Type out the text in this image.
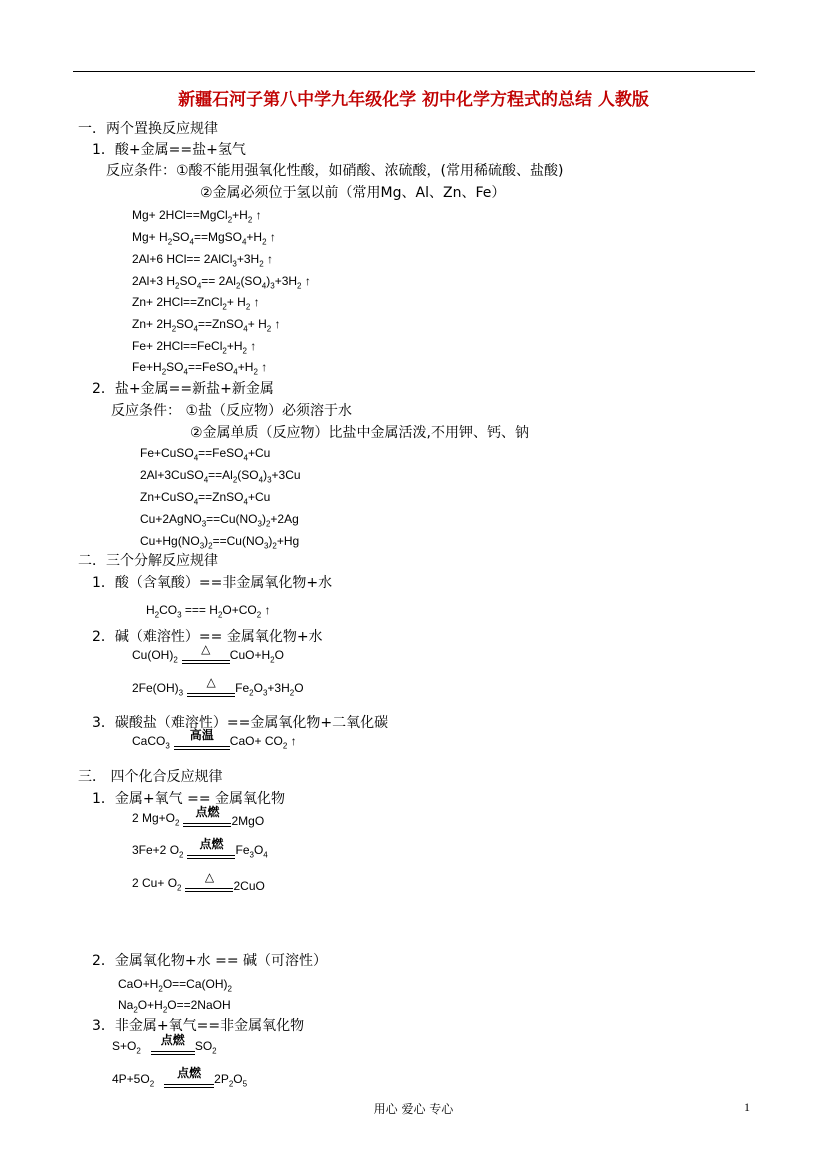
新疆石河子第八中学九年级化学 初中化学方程式的总结 人教版
一．两个置换反应规律
1．酸+金属==盐+氢气
反应条件：①酸不能用强氧化性酸，如硝酸、浓硫酸，(常用稀硫酸、盐酸)
②金属必须位于氢以前（常用Mg、Al、Zn、Fe）
$Mg+ 2HCl==MgCl_2+H_2$ ↑
$Mg+ H_2SO_4==MgSO_4+H_2$ ↑
2Al+6 $HCl== 2AlCl_3+3H_2$ ↑
2Al+3 $H_2SO_4== 2Al_2(SO_4)_3+3H_2$ ↑
Zn+ 2HCl==ZnCl$_2$+ $H_2$ ↑
$Zn+ 2H_2SO_4==ZnSO_4+ H_2$ ↑
$Fe+ 2HCl==FeCl_2+H_2$ ↑
$Fe+H_2SO_4==FeSO_4+H_2$ ↑
2．盐+金属==新盐+新金属
反应条件： ①盐（反应物）必须溶于水
②金属单质（反应物）比盐中金属活泼,不用钾、钙、钠
Fe+CuSO$_4$==FeSO$_4$+Cu
$2Al+3CuSO_4==Al_2(SO_4)_3+3Cu$
Zn+CuSO$_4$==ZnSO$_4$+Cu
$Cu+2AgNO_3==Cu(NO_3)_2+2Ag$
$Cu+Hg(NO_3)_2==Cu(NO_3)_2+Hg$
二．三个分解反应规律
1．酸（含氧酸）==非金属氧化物+水
$H_2CO_3$ === $H_2O+CO_2$ ↑
2．碱（难溶性）== 金属氧化物+水
$Cu(OH)_2$
△	$CuO+H_2O$
$2Fe(OH)_3$
△	$Fe_2O_3+3H_2O$
3．碳酸盐（难溶性）==金属氧化物+二氧化碳
CaCO$_3$
高温	$CaO+ CO_2$ ↑
三． 四个化合反应规律
1．金属+氧气 == 金属氧化物
2 $Mg+O_2$
点燃
2MgO
3Fe+2 $O_2$
点燃	$Fe_3O_4$
2 $Cu+ O_2$
△
2CuO
2．金属氧化物+水 == 碱（可溶性）
$CaO+H_2O==Ca(OH)_2$
$Na_2O+H_2O==2NaOH$
3．非金属+氧气==非金属氧化物
$S+O_2$
点燃 $SO_2$
$4P+5O_2$
点燃	$2P_2O_5$
用心 爱心 专心	1
